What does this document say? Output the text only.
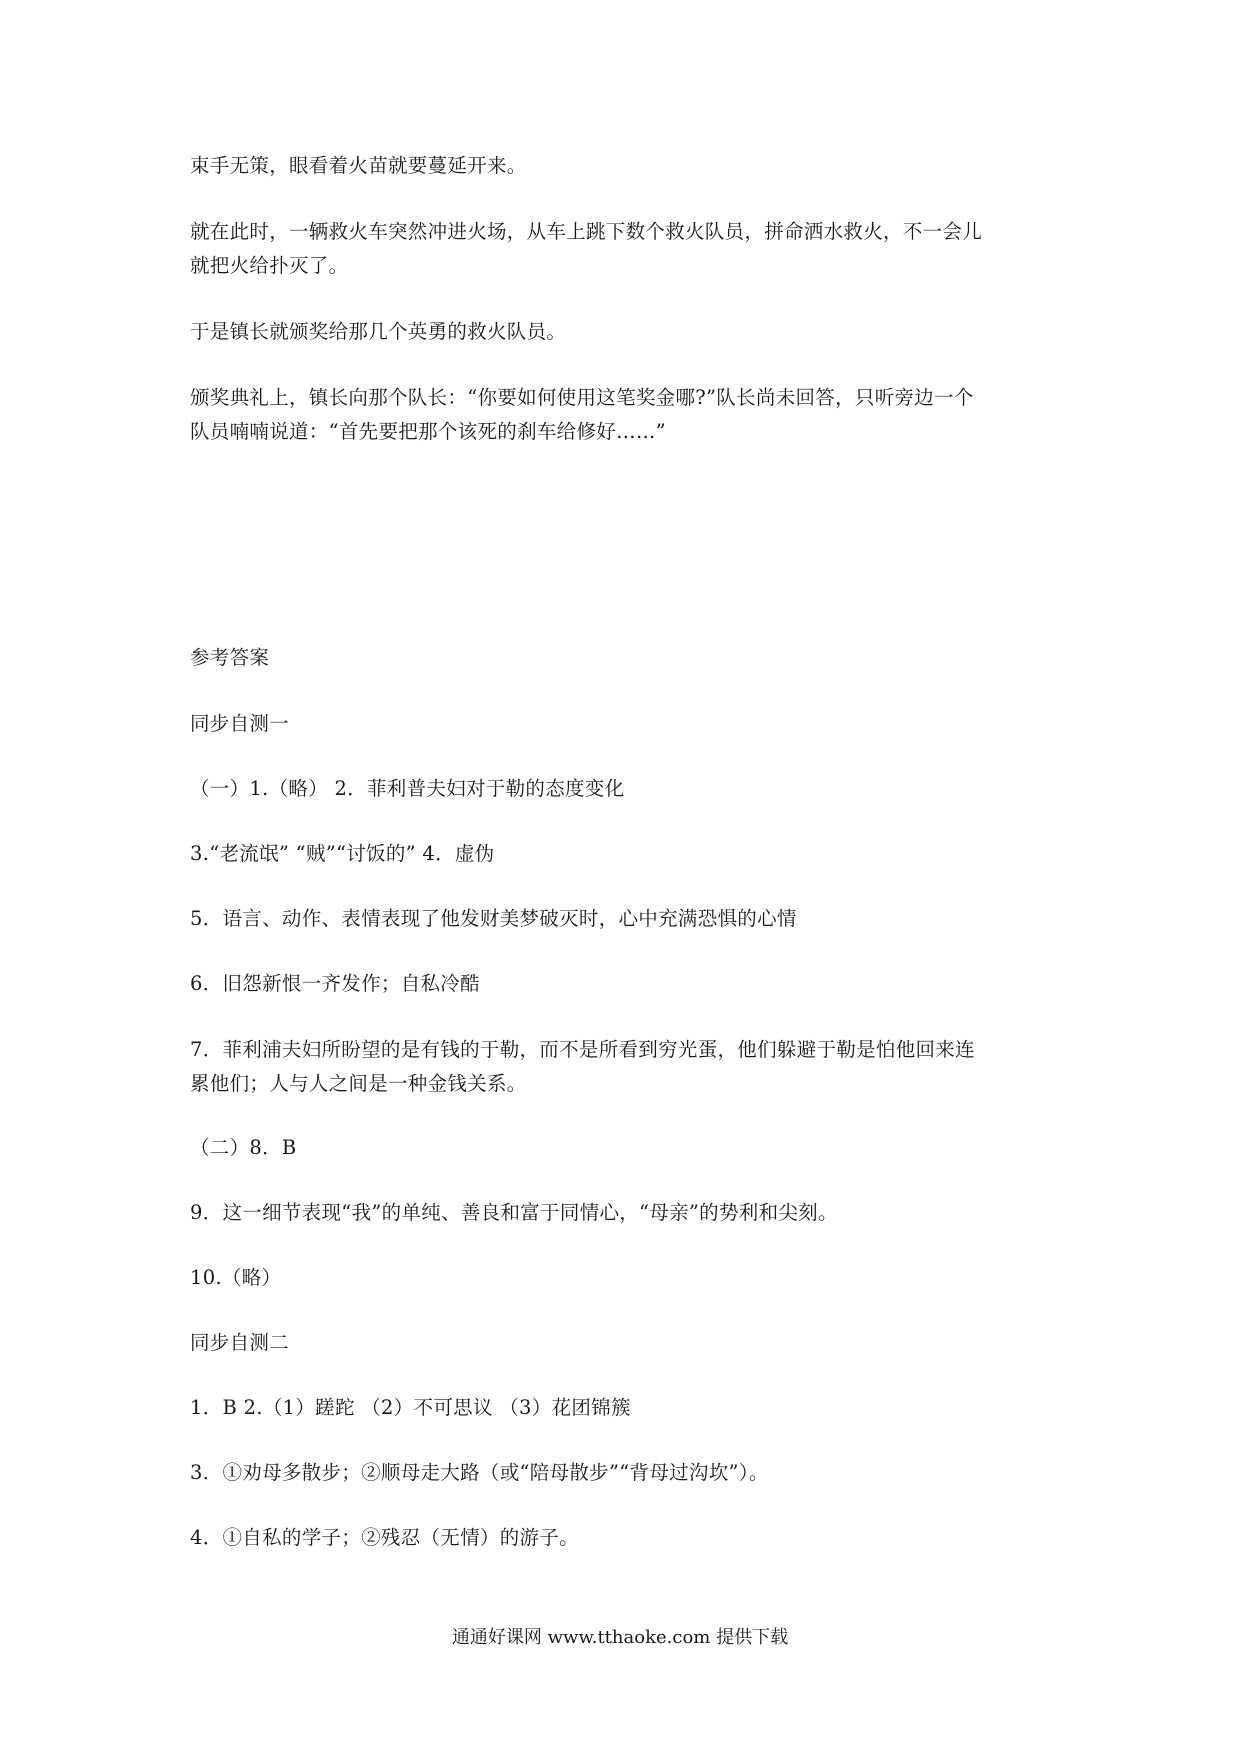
束手无策，眼看着火苗就要蔓延开来。
就在此时，一辆救火车突然冲进火场，从车上跳下数个救火队员，拼命洒水救火，不一会儿
就把火给扑灭了。
于是镇长就颁奖给那几个英勇的救火队员。
颁奖典礼上，镇长向那个队长：“你要如何使用这笔奖金哪?”队长尚未回答，只听旁边一个
队员喃喃说道：“首先要把那个该死的刹车给修好……”
参考答案
同步自测一
（一）1.（略） 2．菲利普夫妇对于勒的态度变化
3.“老流氓” “贼”“讨饭的” 4．虚伪
5．语言、动作、表情表现了他发财美梦破灭时，心中充满恐惧的心情
6．旧怨新恨一齐发作；自私冷酷
7．菲利浦夫妇所盼望的是有钱的于勒，而不是所看到穷光蛋，他们躲避于勒是怕他回来连
累他们；人与人之间是一种金钱关系。
（二）8．B
9．这一细节表现“我”的单纯、善良和富于同情心，“母亲”的势利和尖刻。
10.（略）
同步自测二
1．B 2.（1）蹉跎 （2）不可思议 （3）花团锦簇
3．①劝母多散步；②顺母走大路（或“陪母散步”“背母过沟坎”）。
4．①自私的学子；②残忍（无情）的游子。
通通好课网 www.tthaoke.com 提供下载
